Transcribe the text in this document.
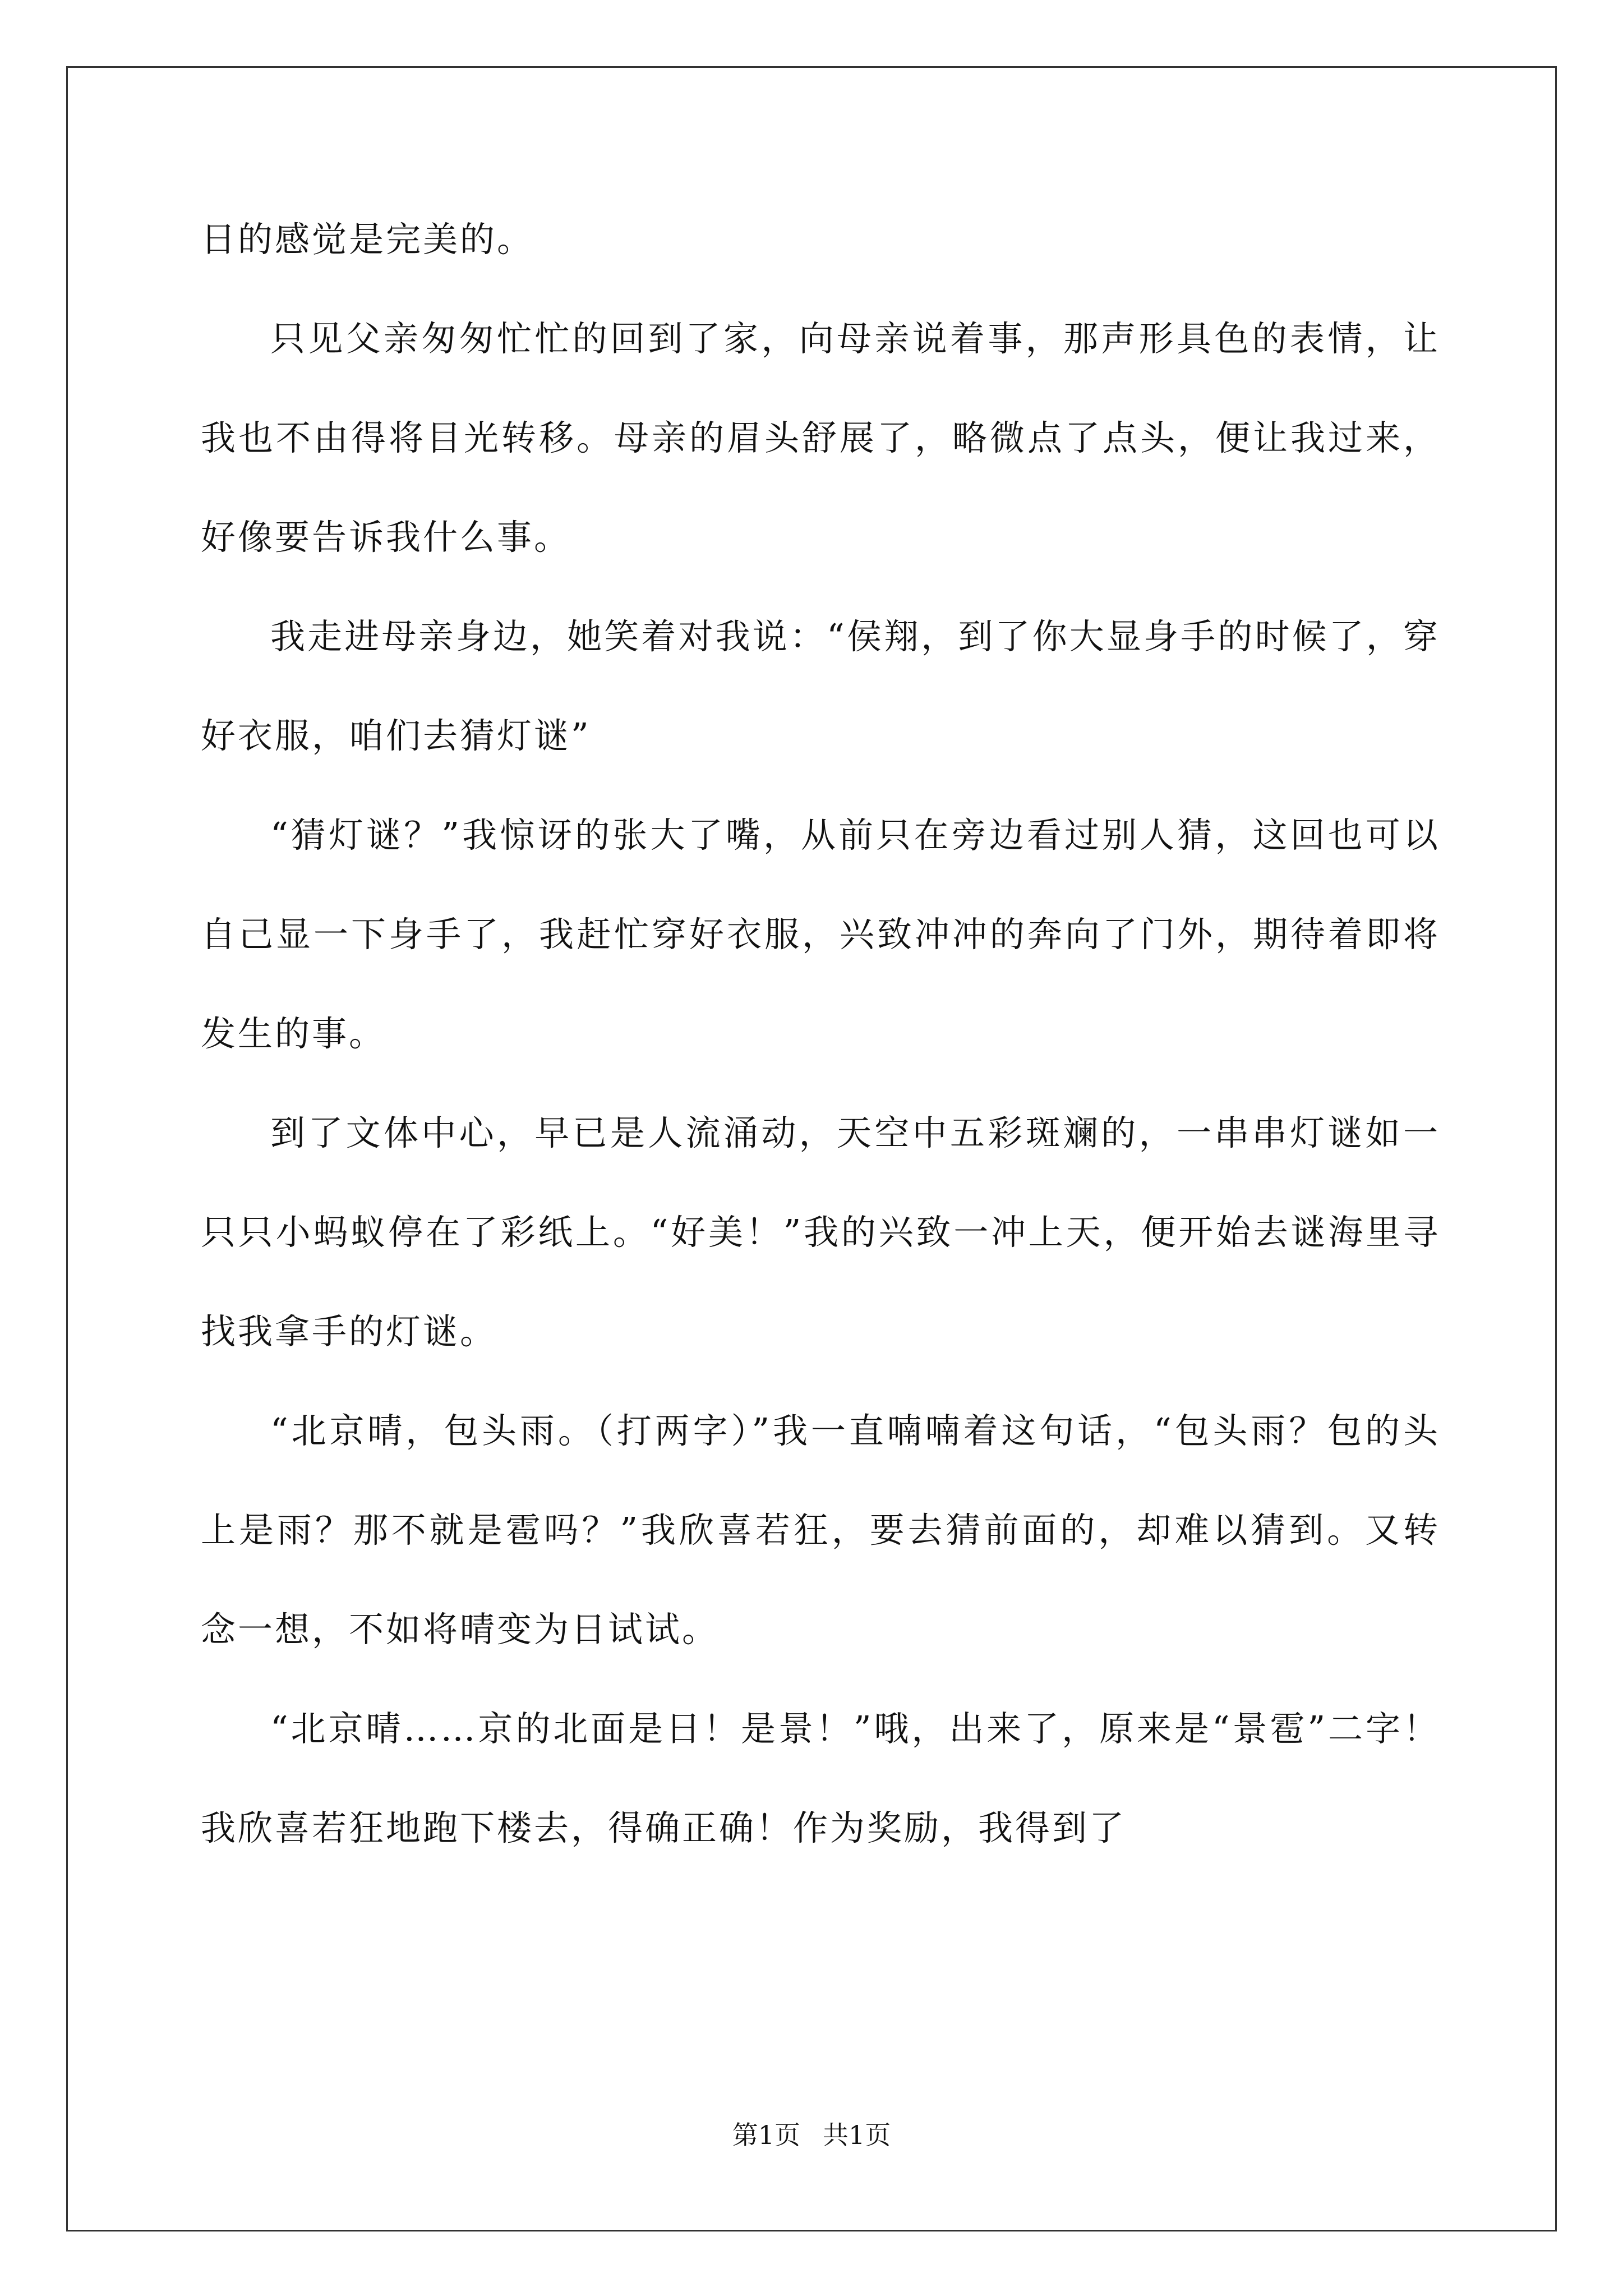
日的感觉是完美的。

只见父亲匆匆忙忙的回到了家，向母亲说着事，那声形具色的表情，让我也不由得将目光转移。母亲的眉头舒展了，略微点了点头，便让我过来，好像要告诉我什么事。

我走进母亲身边，她笑着对我说：“侯翔，到了你大显身手的时候了，穿好衣服，咱们去猜灯谜”

“猜灯谜？”我惊讶的张大了嘴，从前只在旁边看过别人猜，这回也可以自己显一下身手了，我赶忙穿好衣服，兴致冲冲的奔向了门外，期待着即将发生的事。

到了文体中心，早已是人流涌动，天空中五彩斑斓的，一串串灯谜如一只只小蚂蚁停在了彩纸上。“好美！”我的兴致一冲上天，便开始去谜海里寻找我拿手的灯谜。

“北京晴，包头雨。（打两字）”我一直喃喃着这句话，“包头雨？包的头上是雨？那不就是雹吗？”我欣喜若狂，要去猜前面的，却难以猜到。又转念一想，不如将晴变为日试试。

“北京晴……京的北面是日！是景！”哦，出来了，原来是“景雹”二字！我欣喜若狂地跑下楼去，得确正确！作为奖励，我得到了

第1页 共1页
